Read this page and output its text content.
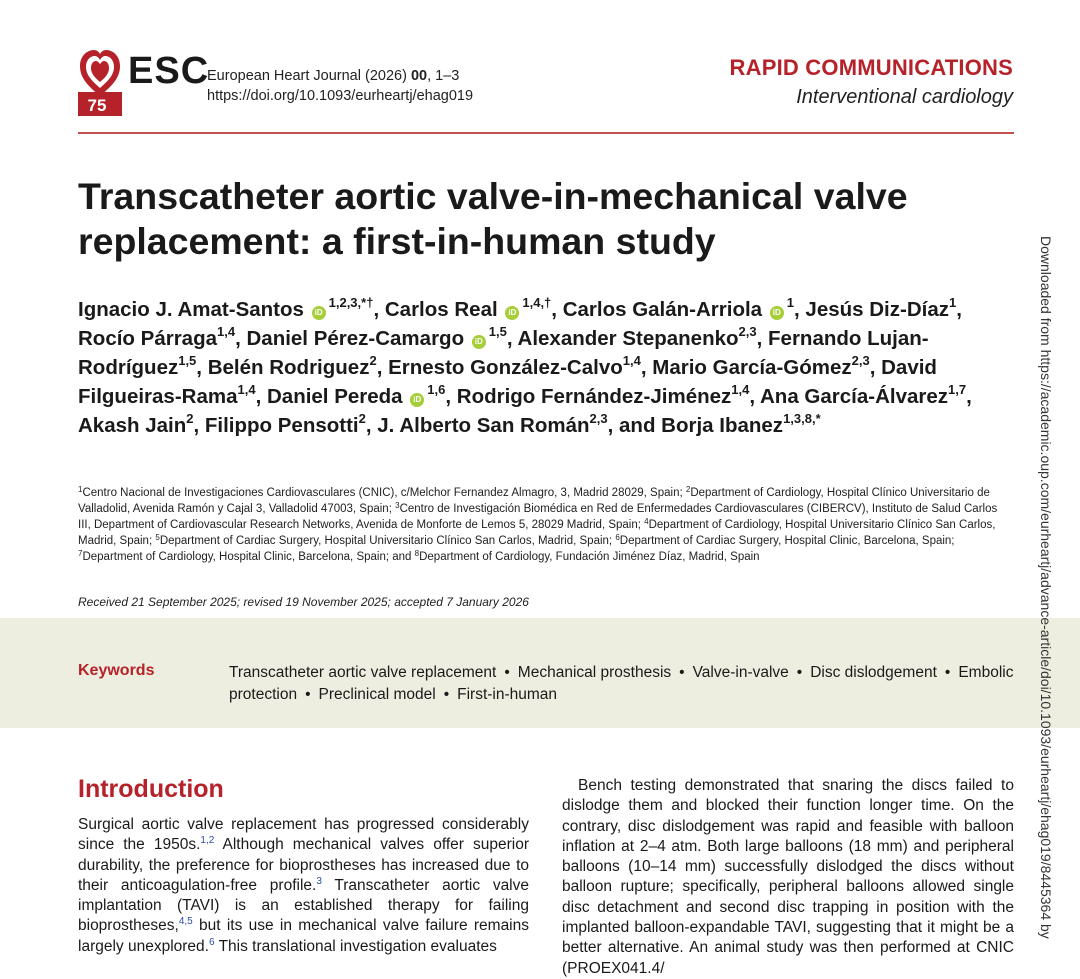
75
ESC
European Heart Journal (2026) 00, 1–3
https://doi.org/10.1093/eurheartj/ehag019
RAPID COMMUNICATIONS
Interventional cardiology
Transcatheter aortic valve-in-mechanical valve
replacement: a first-in-human study
Ignacio J. Amat-Santos $iD^{1,2,3,*\dagger}$, Carlos Real $iD^{1,4,\dagger}$, Carlos Galán-Arriola $iD^1$, Jesús Diz-Díaz$^1$, Rocío Párraga$^{1,4}$, Daniel Pérez-Camargo iD$^{1,5}$, Alexander Stepanenko$^{2,3}$, Fernando Lujan-Rodríguez$^{1,5}$, Belén Rodriguez$^2$, Ernesto González-Calvo$^{1,4}$, Mario García-Gómez$^{2,3}$, David Filgueiras-Rama$^{1,4}$, Daniel Pereda iD$^{1,6}$, Rodrigo Fernández-Jiménez$^{1,4}$, Ana García-Álvarez$^{1,7}$, Akash Jain$^2$, Filippo Pensotti$^2$, J. Alberto San Román$^{2,3}$, and Borja Ibanez$^{1,3,8,*}$
$^1$Centro Nacional de Investigaciones Cardiovasculares (CNIC), c/Melchor Fernandez Almagro, 3, Madrid 28029, Spain; $^2$Department of Cardiology, Hospital Clínico Universitario de Valladolid, Avenida Ramón y Cajal 3, Valladolid 47003, Spain; $^3$Centro de Investigación Biomédica en Red de Enfermedades Cardiovasculares (CIBERCV), Instituto de Salud Carlos III, Department of Cardiovascular Research Networks, Avenida de Monforte de Lemos 5, 28029 Madrid, Spain; $^4$Department of Cardiology, Hospital Universitario Clínico San Carlos, Madrid, Spain; $^5$Department of Cardiac Surgery, Hospital Universitario Clínico San Carlos, Madrid, Spain; $^6$Department of Cardiac Surgery, Hospital Clinic, Barcelona, Spain; $^7$Department of Cardiology, Hospital Clinic, Barcelona, Spain; and $^8$Department of Cardiology, Fundación Jiménez Díaz, Madrid, Spain
Received 21 September 2025; revised 19 November 2025; accepted 7 January 2026
Keywords	Transcatheter aortic valve replacement • Mechanical prosthesis • Valve-in-valve • Disc dislodgement • Embolic protection • Preclinical model • First-in-human
Introduction

Surgical aortic valve replacement has progressed considerably since the 1950s.$^{1,2}$ Although mechanical valves offer superior durability, the preference for bioprostheses has increased due to their anticoagulation-free profile.$^3$ Transcatheter aortic valve implantation (TAVI) is an established therapy for failing bioprostheses,$^{4,5}$ but its use in mechanical valve failure remains largely unexplored.$^6$ This translational investigation evaluates

Bench testing demonstrated that snaring the discs failed to dislodge them and blocked their function longer time. On the contrary, disc dislodgement was rapid and feasible with balloon inflation at 2–4 atm. Both large balloons (18 mm) and peripheral balloons (10–14 mm) successfully dislodged the discs without balloon rupture; specifically, peripheral balloons allowed single disc detachment and second disc trapping in position with the implanted balloon-expandable TAVI, suggesting that it might be a better alternative. An animal study was then performed at CNIC (PROEX041.4/

Downloaded from https://academic.oup.com/eurheartj/advance-article/doi/10.1093/eurheartj/ehag019/8445364 by
